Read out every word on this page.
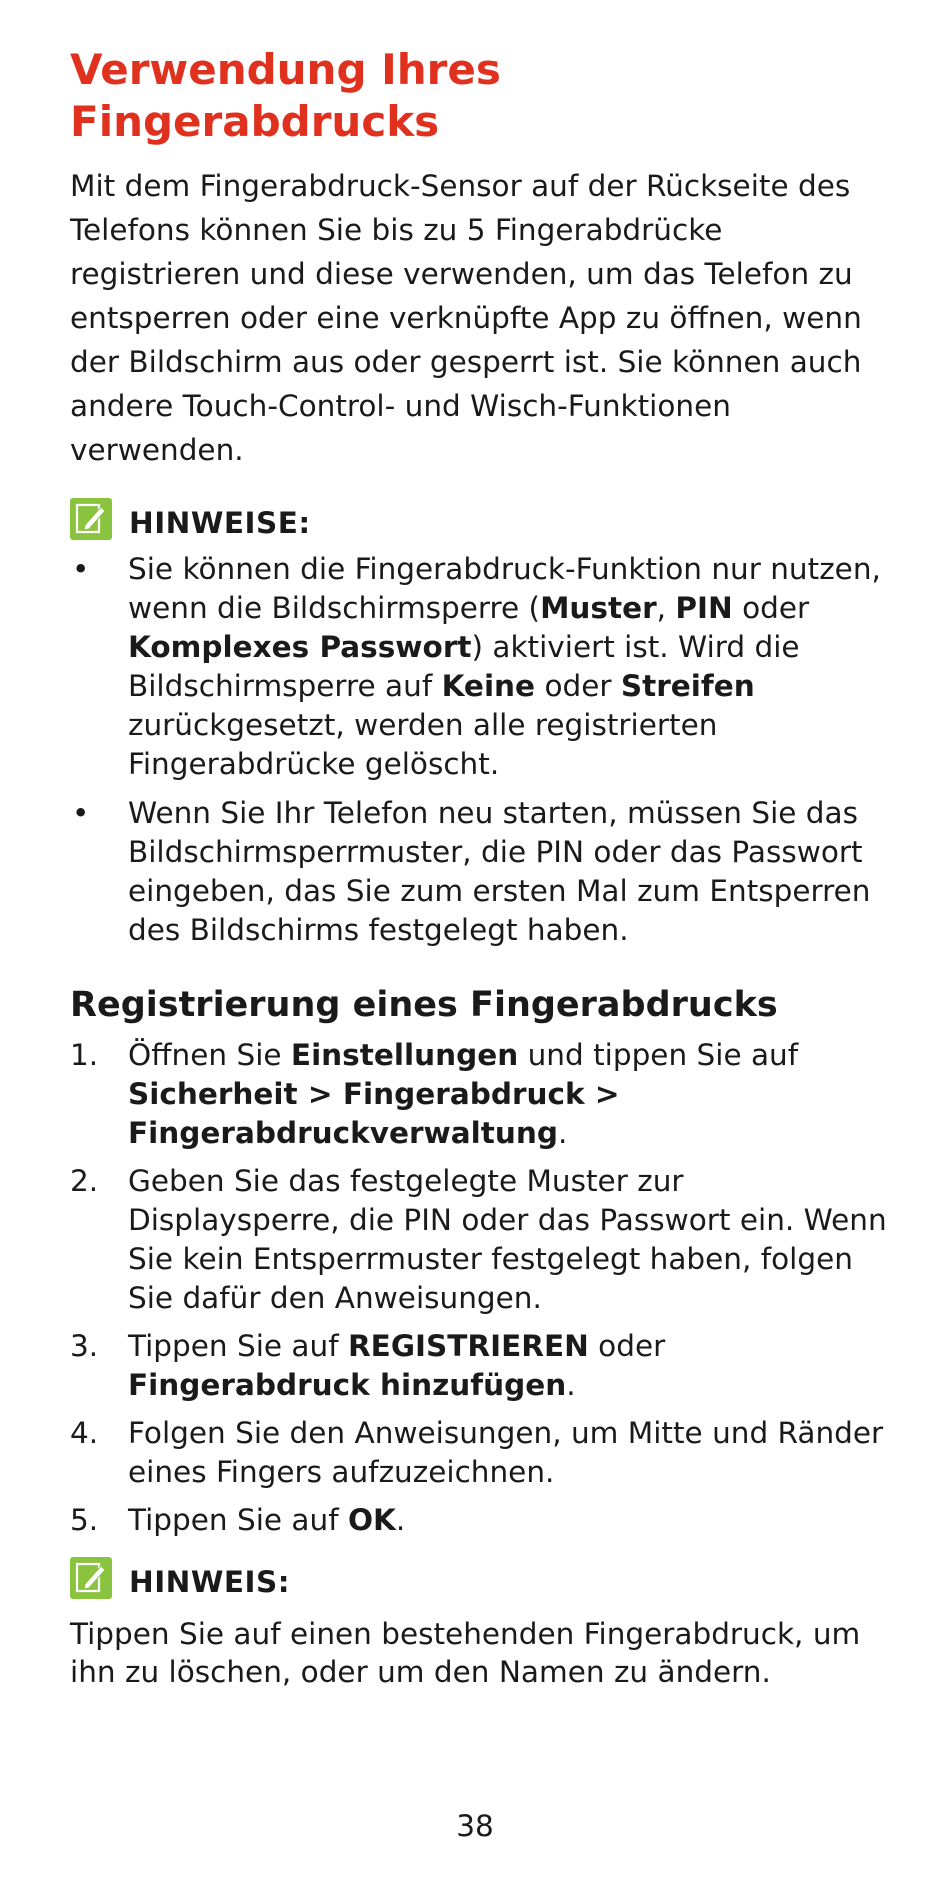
Verwendung Ihres
Fingerabdrucks

Mit dem Fingerabdruck-Sensor auf der Rückseite des Telefons können Sie bis zu 5 Fingerabdrücke registrieren und diese verwenden, um das Telefon zu entsperren oder eine verknüpfte App zu öffnen, wenn der Bildschirm aus oder gesperrt ist. Sie können auch andere Touch-Control- und Wisch-Funktionen verwenden.

HINWEISE:
• Sie können die Fingerabdruck-Funktion nur nutzen, wenn die Bildschirmsperre (Muster, PIN oder Komplexes Passwort) aktiviert ist. Wird die Bildschirmsperre auf Keine oder Streifen zurückgesetzt, werden alle registrierten Fingerabdrücke gelöscht.
• Wenn Sie Ihr Telefon neu starten, müssen Sie das Bildschirmsperrmuster, die PIN oder das Passwort eingeben, das Sie zum ersten Mal zum Entsperren des Bildschirms festgelegt haben.
Registrierung eines Fingerabdrucks
1. Öffnen Sie Einstellungen und tippen Sie auf Sicherheit > Fingerabdruck > Fingerabdruckverwaltung.
2. Geben Sie das festgelegte Muster zur Displaysperre, die PIN oder das Passwort ein. Wenn Sie kein Entsperrmuster festgelegt haben, folgen Sie dafür den Anweisungen.
3. Tippen Sie auf REGISTRIEREN oder Fingerabdruck hinzufügen.
4. Folgen Sie den Anweisungen, um Mitte und Ränder eines Fingers aufzuzeichnen.
5. Tippen Sie auf OK.
HINWEIS:

Tippen Sie auf einen bestehenden Fingerabdruck, um ihn zu löschen, oder um den Namen zu ändern.

38
